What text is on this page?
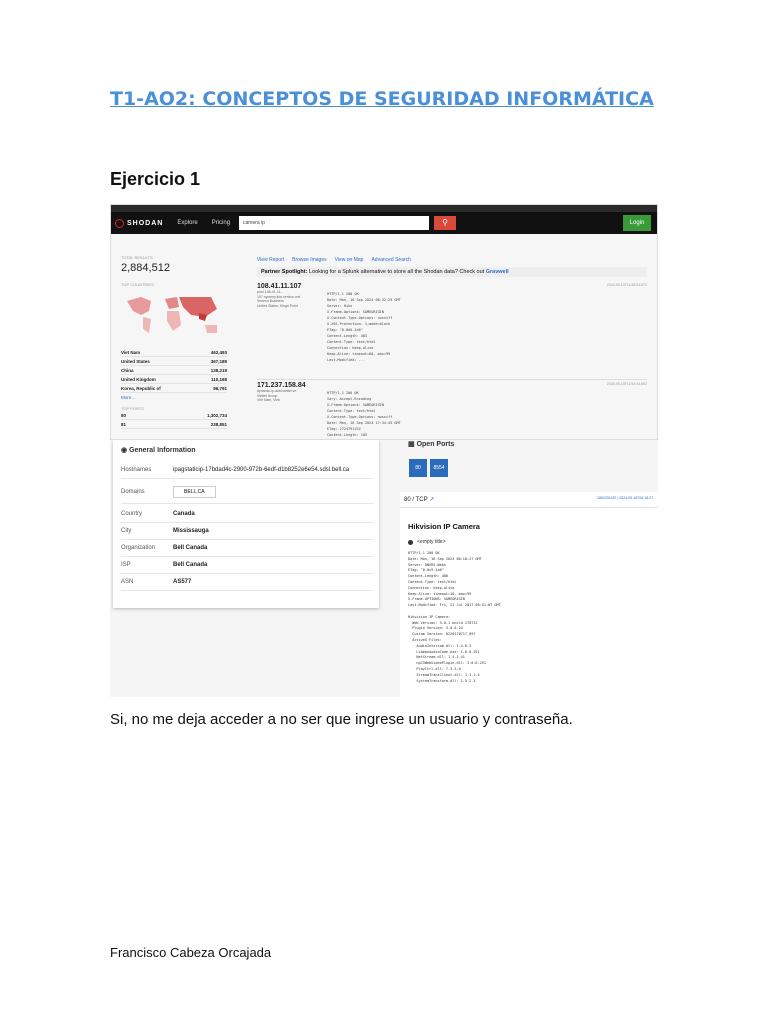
T1-AO2: CONCEPTOS DE SEGURIDAD INFORMÁTICA
Ejercicio 1

SHODAN Explore Pricing	camera ip	⚲	Login
TOTAL RESULTS
2,884,512
TOP COUNTRIES
Viet Nam	462,493
United States	367,189
China	138,219
United Kingdom	110,168
Korea, Republic of	96,791
More...
TOP PORTS
80	1,302,734
81	238,851
View Report Browse Images View on Map Advanced Search
Partner Spotlight: Looking for a Splunk alternative to store all the Shodan data? Check out Gravwell
108.41.11.107
pool-108-41-11-107.nycmny.fios.verizon.net
Verizon Business
United States, Kings Point
2024-09-10T11:58:04.871
HTTP/1.1 200 OK
Date: Mon, 16 Sep 2024 06:32:25 GMT
Server: Hikv
X-Frame-Options: SAMEORIGIN
X-Content-Type-Options: nosniff
X-XSS-Protection: 1;mode=block
ETag: "0-0d5-1e6"
Content-Length: 483
Content-Type: text/html
Connection: keep-alive
Keep-Alive: timeout=60, max=99
Last-Modified: ...
171.237.158.84
dynamic-ip-adsl.viettel.vn
Viettel Group
Viet Nam, Vinh
2024-09-10T11:54:43.652
HTTP/1.1 200 OK
Vary: Accept-Encoding
X-Frame-Options: SAMEORIGIN
Content-Type: text/html
X-Content-Type-Options: nosniff
Date: Mon, 16 Sep 2024 17:34:45 GMT
ETag: 2724791152
Content-Length: 183
◉ General Information
Hostnames	ipagstaticip-17bdad4c-2900-972b-6edf-d1b8252e6e54.sdsl.bell.ca
Domains	BELL.CA
Country	Canada
City	Mississauga
Organization	Bell Canada
ISP	Bell Canada
ASN	AS577
▦ Open Ports
80	8554
80 / TCP ↗	-1862031457 | 2024-09-16T06:18:27.
Hikvision IP Camera
<empty title>
HTTP/1.1 200 OK
Date: Mon, 16 Sep 2024 06:18:27 GMT
Server: DNVRS-Webs
ETag: "0-0c9-1a0"
Content-Length: 480
Content-Type: text/html
Connection: keep-alive
Keep-Alive: timeout=10, max=99
X-Frame-OPTIONS: SAMEORIGIN
Last-Modified: Fri, 21 Jul 2017 08:51:07 GMT

Hikvision IP Camera:
Web Version: 3.0.1 build 170731
Plugin Version: 3.0.6.24
Custom Version: 0220170717_097
ActiveX Files:
AudioIntercom.dll: 1.4.0.2
LibmpeAudioCode.exe: 1.0.0.251
NetStream.dll: 1.4.1.41
npC5WebVideoPlugin.dll: 3.0.6.251
PlayCtrl.dll: 7.3.3.0
StreamTransClient.dll: 1.1.1.4
SystemTransform.dll: 2.5.2.3
Si, no me deja acceder a no ser que ingrese un usuario y contraseña.
Francisco Cabeza Orcajada
